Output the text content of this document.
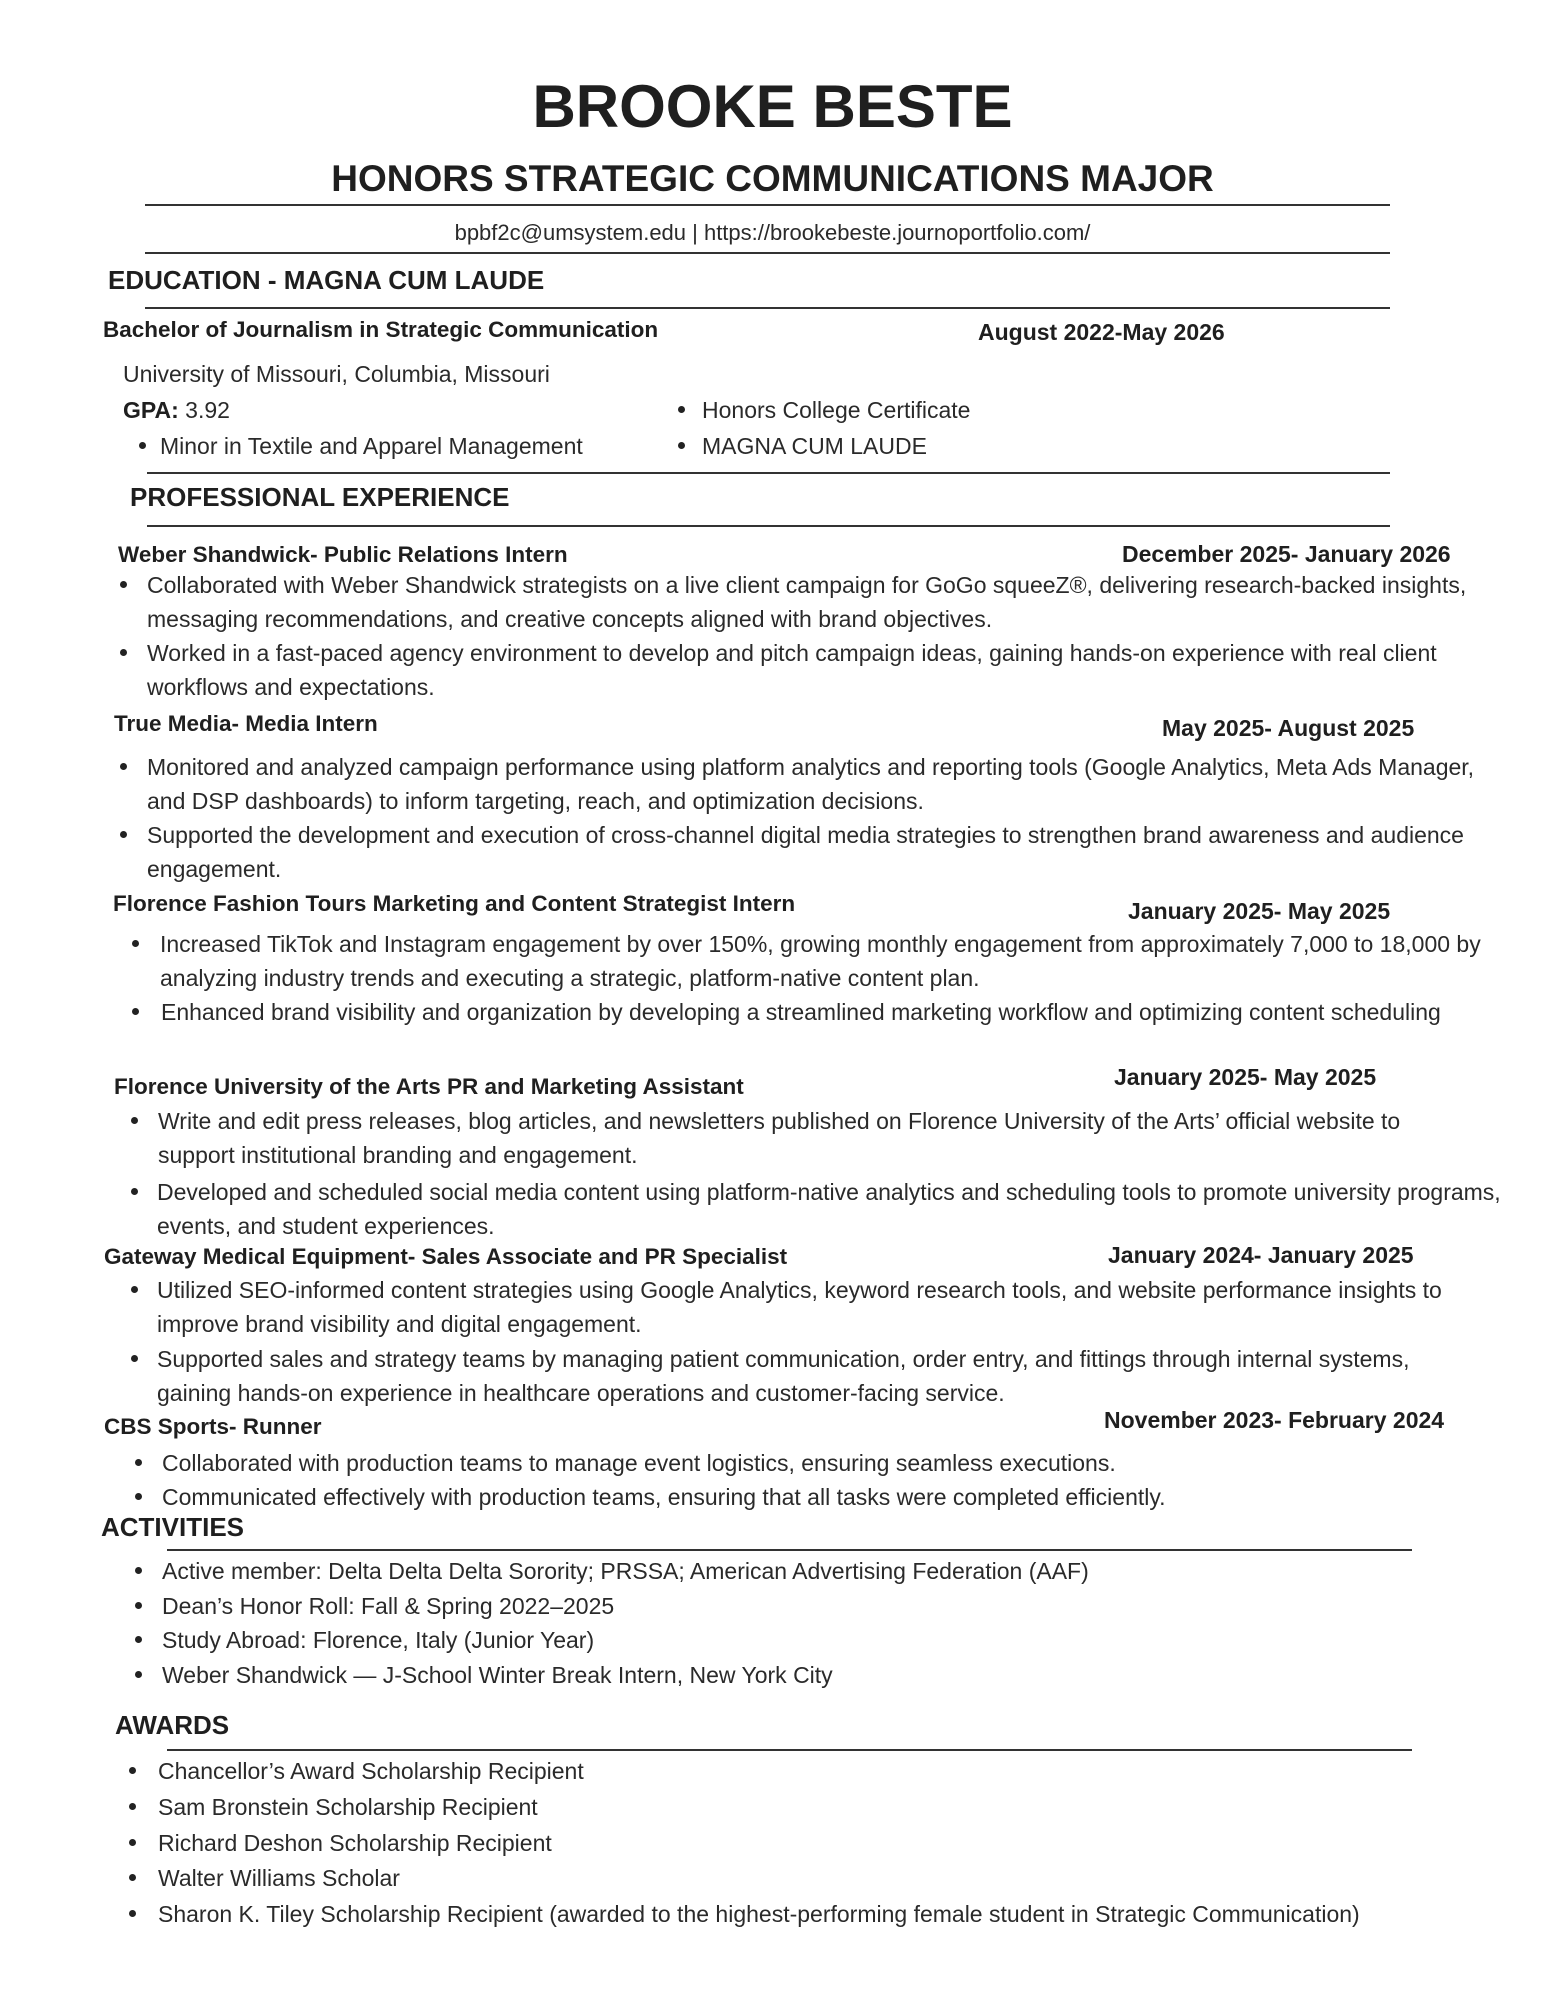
BROOKE BESTE
HONORS STRATEGIC COMMUNICATIONS MAJOR
bpbf2c@umsystem.edu | https://brookebeste.journoportfolio.com/
EDUCATION - MAGNA CUM LAUDE
Bachelor of Journalism in Strategic Communication	August 2022-May 2026
University of Missouri, Columbia, Missouri
GPA: 3.92
Minor in Textile and Apparel Management
Honors College Certificate
MAGNA CUM LAUDE
PROFESSIONAL EXPERIENCE
Weber Shandwick- Public Relations Intern	December 2025- January 2026
Collaborated with Weber Shandwick strategists on a live client campaign for GoGo squeeZ®, delivering research-backed insights, messaging recommendations, and creative concepts aligned with brand objectives.
Worked in a fast-paced agency environment to develop and pitch campaign ideas, gaining hands-on experience with real client workflows and expectations.
True Media- Media Intern	May 2025- August 2025
Monitored and analyzed campaign performance using platform analytics and reporting tools (Google Analytics, Meta Ads Manager, and DSP dashboards) to inform targeting, reach, and optimization decisions.
Supported the development and execution of cross-channel digital media strategies to strengthen brand awareness and audience engagement.
Florence Fashion Tours Marketing and Content Strategist Intern	January 2025- May 2025
Increased TikTok and Instagram engagement by over 150%, growing monthly engagement from approximately 7,000 to 18,000 by analyzing industry trends and executing a strategic, platform-native content plan.
Enhanced brand visibility and organization by developing a streamlined marketing workflow and optimizing content scheduling
Florence University of the Arts PR and Marketing Assistant	January 2025- May 2025
Write and edit press releases, blog articles, and newsletters published on Florence University of the Arts’ official website to support institutional branding and engagement.
Developed and scheduled social media content using platform-native analytics and scheduling tools to promote university programs, events, and student experiences.
Gateway Medical Equipment- Sales Associate and PR Specialist	January 2024- January 2025
Utilized SEO-informed content strategies using Google Analytics, keyword research tools, and website performance insights to improve brand visibility and digital engagement.
Supported sales and strategy teams by managing patient communication, order entry, and fittings through internal systems, gaining hands-on experience in healthcare operations and customer-facing service.
CBS Sports- Runner	November 2023- February 2024
Collaborated with production teams to manage event logistics, ensuring seamless executions.
Communicated effectively with production teams, ensuring that all tasks were completed efficiently.
ACTIVITIES
Active member: Delta Delta Delta Sorority; PRSSA; American Advertising Federation (AAF)
Dean’s Honor Roll: Fall & Spring 2022–2025
Study Abroad: Florence, Italy (Junior Year)
Weber Shandwick — J-School Winter Break Intern, New York City
AWARDS
Chancellor’s Award Scholarship Recipient
Sam Bronstein Scholarship Recipient
Richard Deshon Scholarship Recipient
Walter Williams Scholar
Sharon K. Tiley Scholarship Recipient (awarded to the highest-performing female student in Strategic Communication)
